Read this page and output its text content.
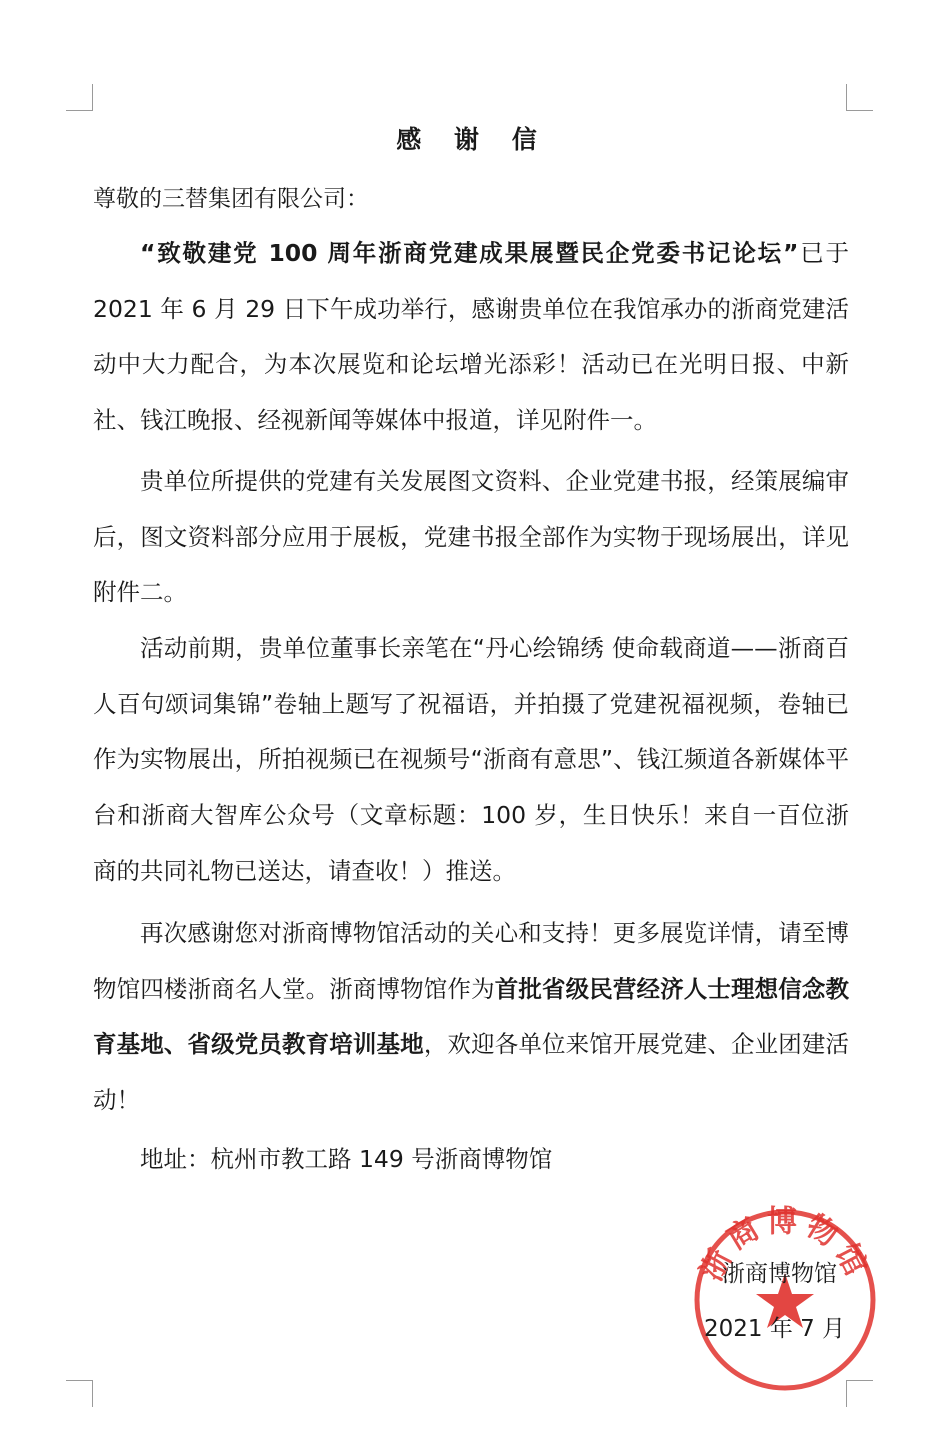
感 谢 信
尊敬的三替集团有限公司：

“致敬建党 100 周年浙商党建成果展暨民企党委书记论坛”已于 2021 年 6 月 29 日下午成功举行，感谢贵单位在我馆承办的浙商党建活动中大力配合，为本次展览和论坛增光添彩！活动已在光明日报、中新社、钱江晚报、经视新闻等媒体中报道，详见附件一。

贵单位所提供的党建有关发展图文资料、企业党建书报，经策展编审后，图文资料部分应用于展板，党建书报全部作为实物于现场展出，详见附件二。

活动前期，贵单位董事长亲笔在“丹心绘锦绣 使命载商道——浙商百人百句颂词集锦”卷轴上题写了祝福语，并拍摄了党建祝福视频，卷轴已作为实物展出，所拍视频已在视频号“浙商有意思”、钱江频道各新媒体平台和浙商大智库公众号（文章标题：100 岁，生日快乐！来自一百位浙商的共同礼物已送达，请查收！）推送。

再次感谢您对浙商博物馆活动的关心和支持！更多展览详情，请至博物馆四楼浙商名人堂。浙商博物馆作为首批省级民营经济人士理想信念教育基地、省级党员教育培训基地，欢迎各单位来馆开展党建、企业团建活动！

地址：杭州市教工路 149 号浙商博物馆
浙商博物馆
浙商博物馆
2021 年 7 月
